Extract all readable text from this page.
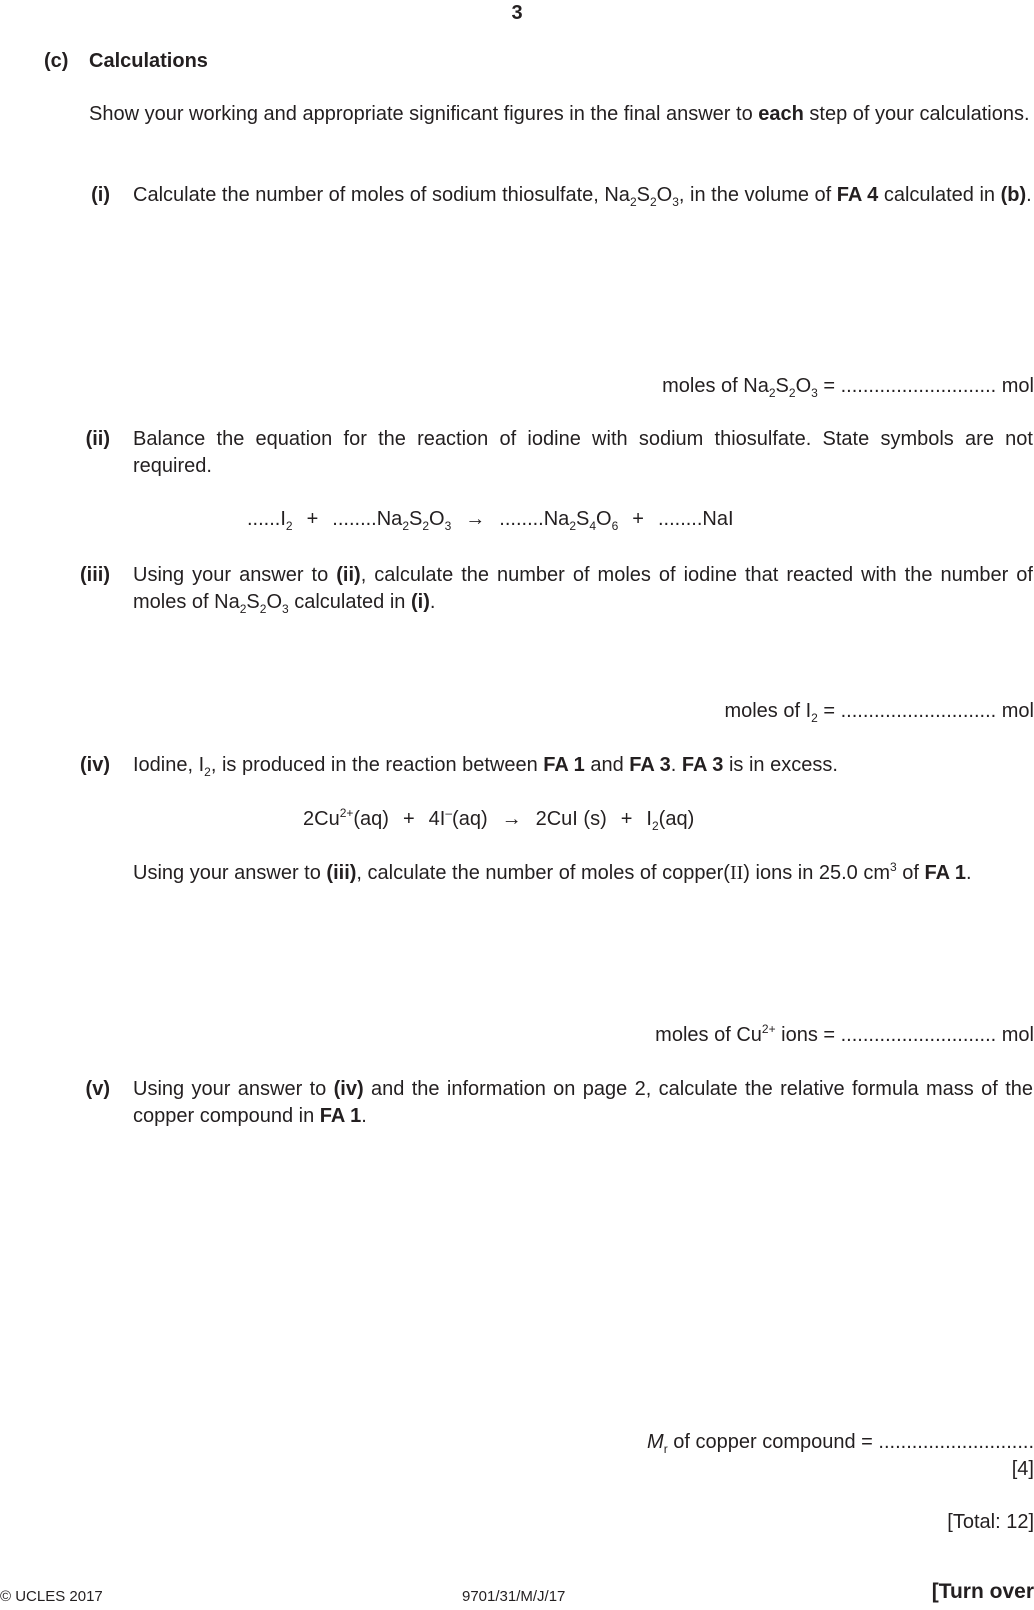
3
(c) Calculations
Show your working and appropriate significant figures in the final answer to each step of your calculations.
(i) Calculate the number of moles of sodium thiosulfate, $Na_2S_2O_3$, in the volume of FA 4 calculated in (b).
moles of $Na_2S_2O_3$ = ............................ mol
(ii) Balance the equation for the reaction of iodine with sodium thiosulfate. State symbols are not required.
$......I_2 + ........Na_2S_2O_3 \to ........Na_2S_4O_6 + ........NaI$
(iii) Using your answer to (ii), calculate the number of moles of iodine that reacted with the number of moles of $Na_2S_2O_3$ calculated in (i).
moles of $I_2$ = ............................ mol
(iv) Iodine, $I_2$, is produced in the reaction between FA 1 and FA 3. FA 3 is in excess.
$2Cu^{2+}(aq) + 4I^-(aq) \to 2CuI$ $(s) + I_2(aq)$
Using your answer to (iii), calculate the number of moles of copper(II) ions in 25.0 $cm^3$ of FA 1.
moles of $Cu^{2+}$ ions = ............................ mol
(v) Using your answer to (iv) and the information on page 2, calculate the relative formula mass of the copper compound in FA 1.
$M_r$ of copper compound = ............................
[4]
[Total: 12]
© UCLES 2017	9701/31/M/J/17	[Turn over
